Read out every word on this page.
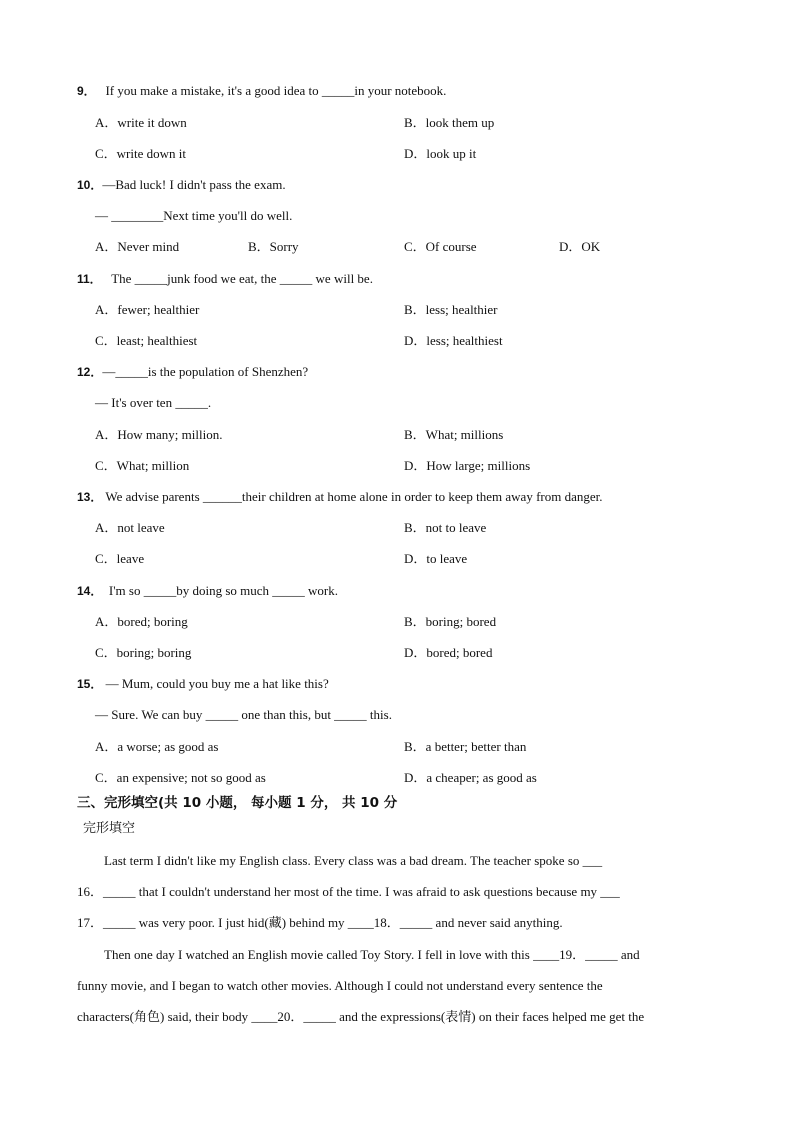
9． If you make a mistake, it's a good idea to _____in your notebook.
A．write it down	B．look them up
C．write down it	D．look up it
10．—Bad luck! I didn't pass the exam.
— ________Next time you'll do well.
A．Never mind	B．Sorry	C．Of course	D．OK
11． The _____junk food we eat, the _____ we will be.
A．fewer; healthier	B．less; healthier
C．least; healthiest	D．less; healthiest
12．—_____is the population of Shenzhen?
— It's over ten _____.
A．How many; million.	B．What; millions
C．What; million	D．How large; millions
13． We advise parents ______their children at home alone in order to keep them away from danger.
A．not leave	B．not to leave
C．leave	D．to leave
14． I'm so _____by doing so much _____ work.
A．bored; boring	B．boring; bored
C．boring; boring	D．bored; bored
15． — Mum, could you buy me a hat like this?
— Sure. We can buy _____ one than this, but _____ this.
A．a worse; as good as	B．a better; better than
C．an expensive; not so good as	D．a cheaper; as good as
三、完形填空(共 10 小题， 每小题 1 分， 共 10 分
完形填空
Last term I didn't like my English class. Every class was a bad dream. The teacher spoke so ___
16．_____ that I couldn't understand her most of the time. I was afraid to ask questions because my ___
17．_____ was very poor. I just hid(藏) behind my ____18．_____ and never said anything.
Then one day I watched an English movie called Toy Story. I fell in love with this ____19．_____ and
funny movie, and I began to watch other movies. Although I could not understand every sentence the
characters(角色) said, their body ____20．_____ and the expressions(表情) on their faces helped me get the
